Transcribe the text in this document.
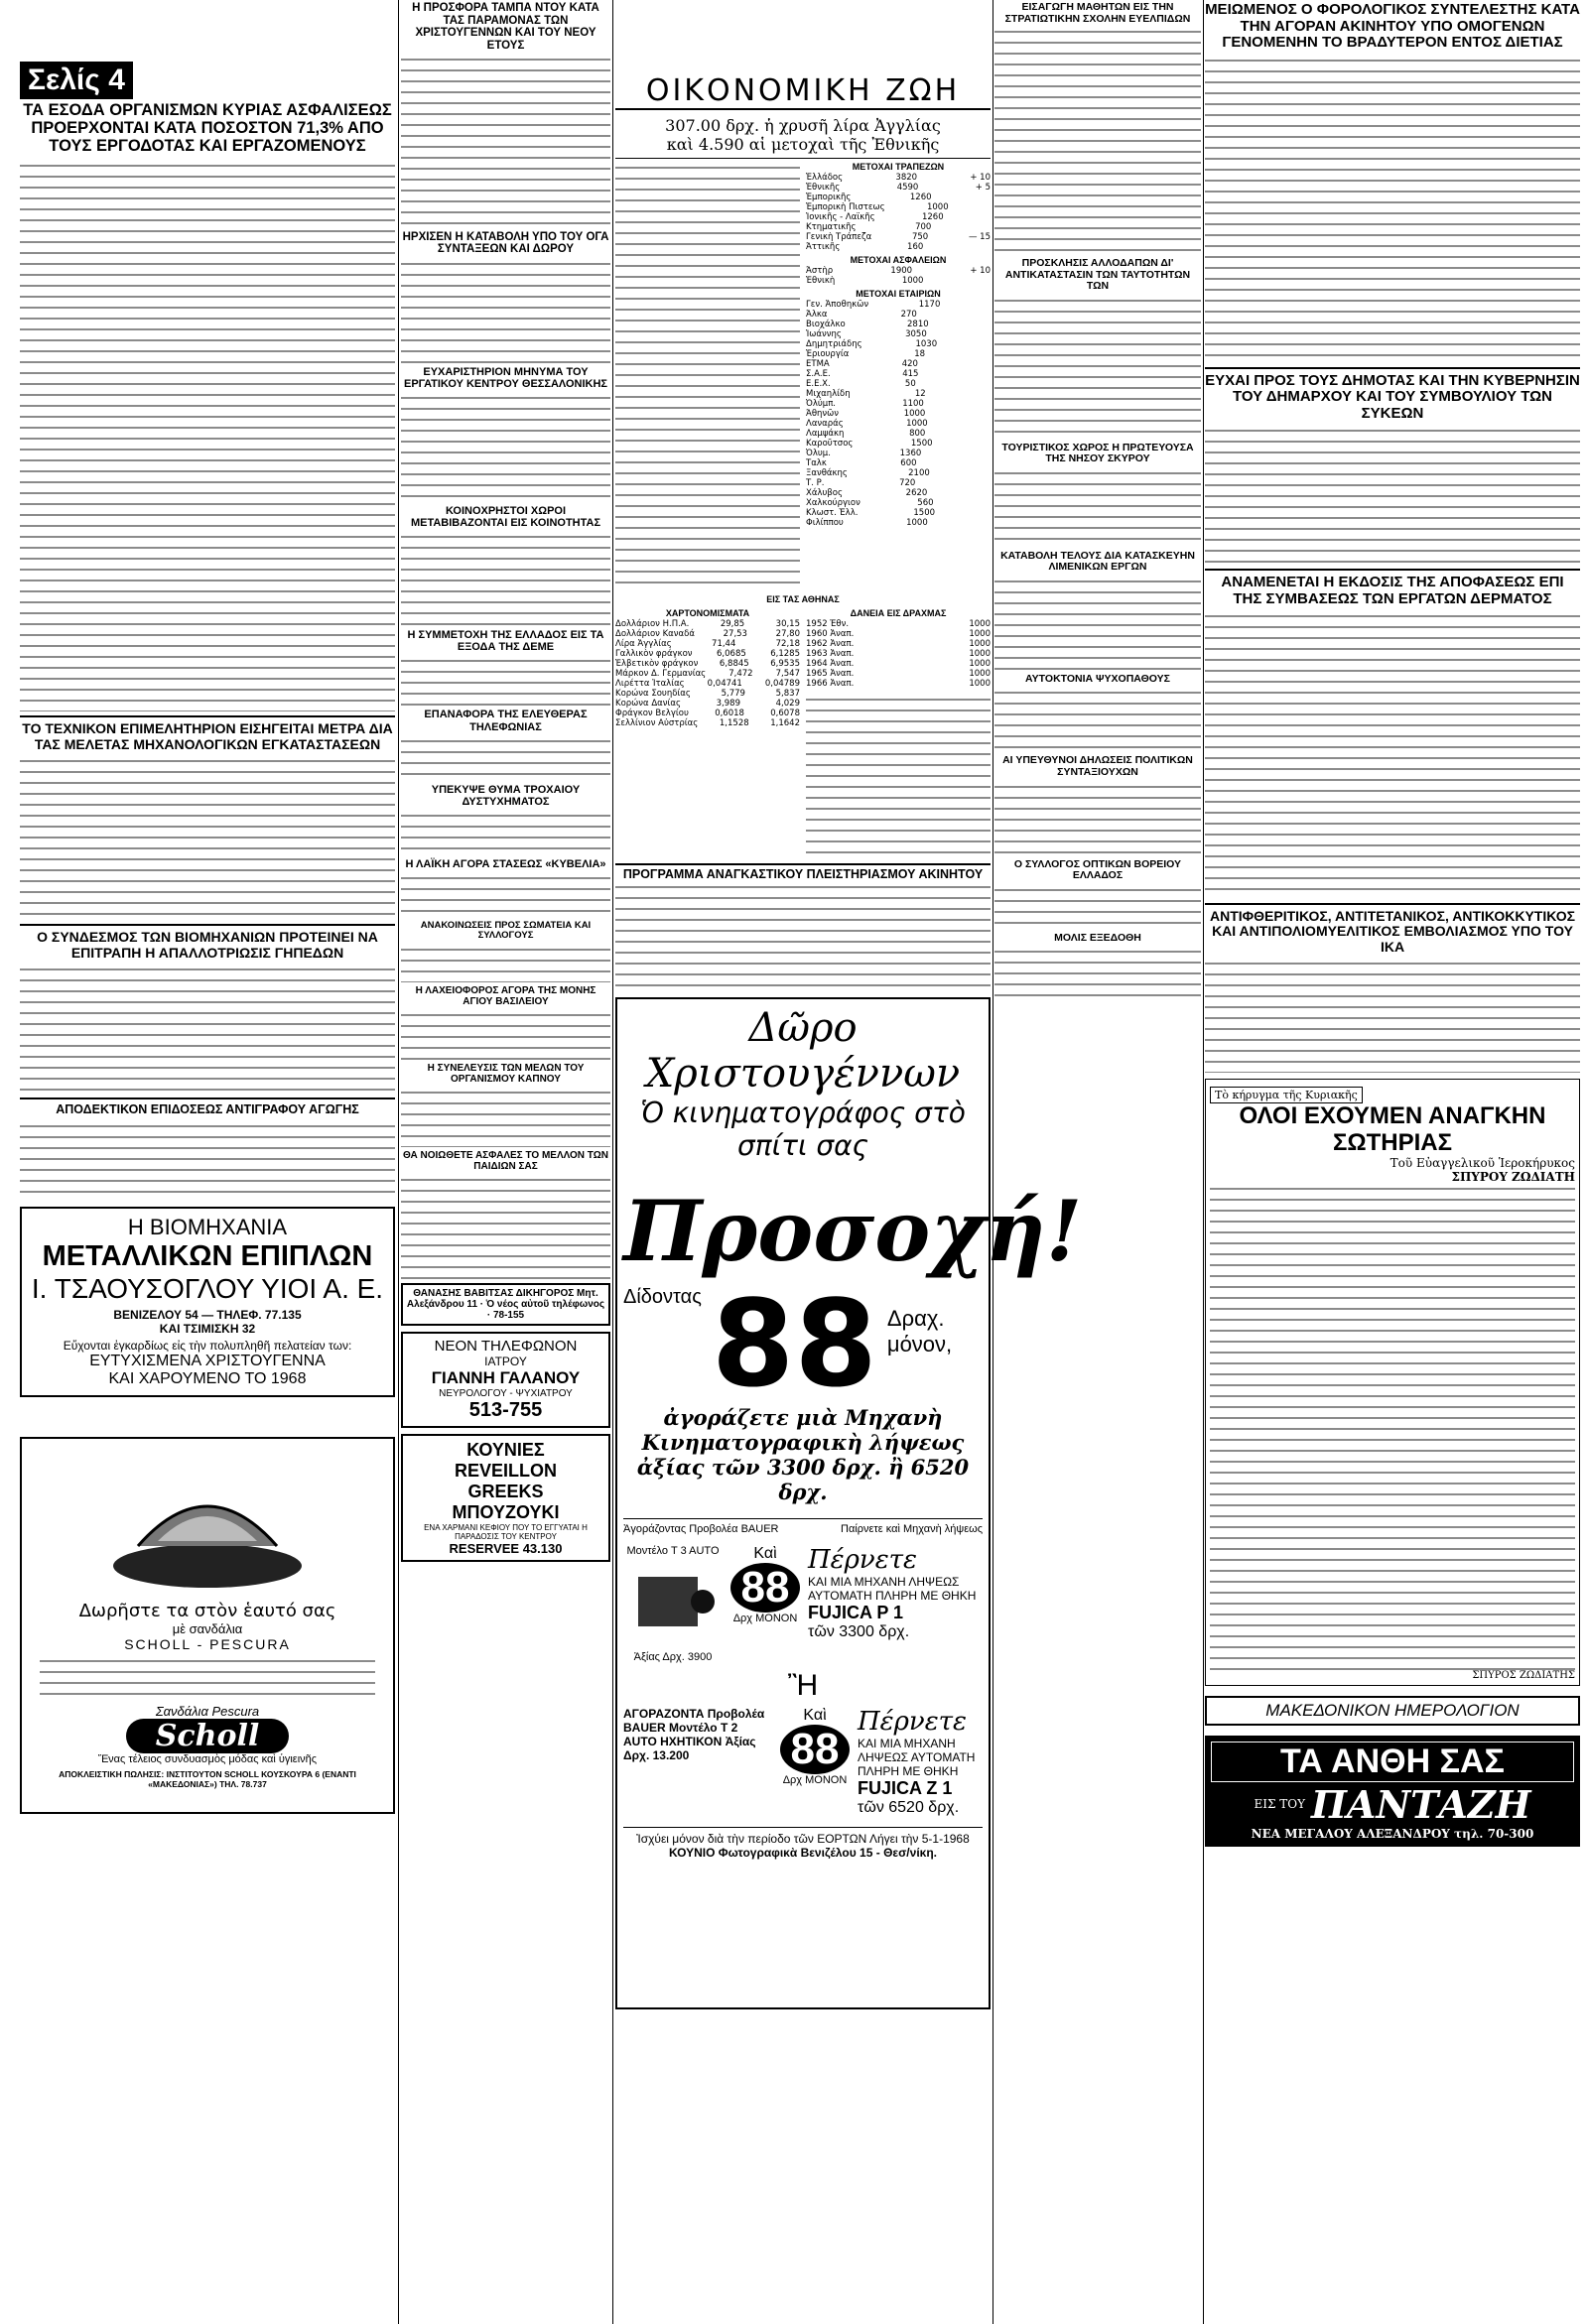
Σελίς 4
ΤΑ ΕΣΟΔΑ ΟΡΓΑΝΙΣΜΩΝ ΚΥΡΙΑΣ ΑΣΦΑΛΙΣΕΩΣ ΠΡΟΕΡΧΟΝΤΑΙ ΚΑΤΑ ΠΟΣΟΣΤΟΝ 71,3% ΑΠΟ ΤΟΥΣ ΕΡΓΟΔΟΤΑΣ ΚΑΙ ΕΡΓΑΖΟΜΕΝΟΥΣ
ΤΟ ΤΕΧΝΙΚΟΝ ΕΠΙΜΕΛΗΤΗΡΙΟΝ ΕΙΣΗΓΕΙΤΑΙ ΜΕΤΡΑ ΔΙΑ ΤΑΣ ΜΕΛΕΤΑΣ ΜΗΧΑΝΟΛΟΓΙΚΩΝ ΕΓΚΑΤΑΣΤΑΣΕΩΝ
Ο ΣΥΝΔΕΣΜΟΣ ΤΩΝ ΒΙΟΜΗΧΑΝΙΩΝ ΠΡΟΤΕΙΝΕΙ ΝΑ ΕΠΙΤΡΑΠΗ Η ΑΠΑΛΛΟΤΡΙΩΣΙΣ ΓΗΠΕΔΩΝ
ΑΠΟΔΕΚΤΙΚΟΝ ΕΠΙΔΟΣΕΩΣ ΑΝΤΙΓΡΑΦΟΥ ΑΓΩΓΗΣ
Η ΒΙΟΜΗΧΑΝΙΑ
ΜΕΤΑΛΛΙΚΩΝ ΕΠΙΠΛΩΝ
Ι. ΤΣΑΟΥΣΟΓΛΟΥ ΥΙΟΙ Α. Ε.
ΒΕΝΙΖΕΛΟΥ 54 — ΤΗΛΕΦ. 77.135
ΚΑΙ ΤΣΙΜΙΣΚΗ 32
Εὔχονται ἐγκαρδίως εἰς τὴν πολυπληθῆ πελατείαν των:
ΕΥΤΥΧΙΣΜΕΝΑ ΧΡΙΣΤΟΥΓΕΝΝΑ
ΚΑΙ ΧΑΡΟΥΜΕΝΟ ΤΟ 1968
Δωρῆστε τα στὸν ἑαυτό σας
μὲ σανδάλια
SCHOLL - PESCURA
Σανδάλια Pescura
Scholl
Ἕνας τέλειος συνδυασμὸς μόδας καὶ ὑγιεινῆς
ΑΠΟΚΛΕΙΣΤΙΚΗ ΠΩΛΗΣΙΣ: ΙΝΣΤΙΤΟΥΤΟΝ SCHOLL ΚΟΥΣΚΟΥΡΑ 6 (ΕΝΑΝΤΙ «ΜΑΚΕΔΟΝΙΑΣ») ΤΗΛ. 78.737
Η ΠΡΟΣΦΟΡΑ ΤΑΜΠΑ ΝΤΟΥ ΚΑΤΑ ΤΑΣ ΠΑΡΑΜΟΝΑΣ ΤΩΝ ΧΡΙΣΤΟΥΓΕΝΝΩΝ ΚΑΙ ΤΟΥ ΝΕΟΥ ΕΤΟΥΣ
ΗΡΧΙΣΕΝ Η ΚΑΤΑΒΟΛΗ ΥΠΟ ΤΟΥ ΟΓΑ ΣΥΝΤΑΞΕΩΝ ΚΑΙ ΔΩΡΟΥ
ΕΥΧΑΡΙΣΤΗΡΙΟΝ ΜΗΝΥΜΑ ΤΟΥ ΕΡΓΑΤΙΚΟΥ ΚΕΝΤΡΟΥ ΘΕΣΣΑΛΟΝΙΚΗΣ
ΚΟΙΝΟΧΡΗΣΤΟΙ ΧΩΡΟΙ ΜΕΤΑΒΙΒΑΖΟΝΤΑΙ ΕΙΣ ΚΟΙΝΟΤΗΤΑΣ
Η ΣΥΜΜΕΤΟΧΗ ΤΗΣ ΕΛΛΑΔΟΣ ΕΙΣ ΤΑ ΕΞΟΔΑ ΤΗΣ ΔΕΜΕ
ΕΠΑΝΑΦΟΡΑ ΤΗΣ ΕΛΕΥΘΕΡΑΣ ΤΗΛΕΦΩΝΙΑΣ
ΥΠΕΚΥΨΕ ΘΥΜΑ ΤΡΟΧΑΙΟΥ ΔΥΣΤΥΧΗΜΑΤΟΣ
Η ΛΑΪΚΗ ΑΓΟΡΑ ΣΤΑΣΕΩΣ «ΚΥΒΕΛΙΑ»
ΑΝΑΚΟΙΝΩΣΕΙΣ ΠΡΟΣ ΣΩΜΑΤΕΙΑ ΚΑΙ ΣΥΛΛΟΓΟΥΣ
Η ΛΑΧΕΙΟΦΟΡΟΣ ΑΓΟΡΑ ΤΗΣ ΜΟΝΗΣ ΑΓΙΟΥ ΒΑΣΙΛΕΙΟΥ
Η ΣΥΝΕΛΕΥΣΙΣ ΤΩΝ ΜΕΛΩΝ ΤΟΥ ΟΡΓΑΝΙΣΜΟΥ ΚΑΠΝΟΥ
ΘΑ ΝΟΙΩΘΕΤΕ ΑΣΦΑΛΕΣ ΤΟ ΜΕΛΛΟΝ ΤΩΝ ΠΑΙΔΙΩΝ ΣΑΣ
ΘΑΝΑΣΗΣ ΒΑΒΙΤΣΑΣ ΔΙΚΗΓΟΡΟΣ Μητ. Αλεξάνδρου 11 · Ὁ νέος αὐτοῦ τηλέφωνος · 78-155
ΝΕΟΝ ΤΗΛΕΦΩΝΟΝ
ΙΑΤΡΟΥ
ΓΙΑΝΝΗ ΓΑΛΑΝΟΥ
ΝΕΥΡΟΛΟΓΟΥ - ΨΥΧΙΑΤΡΟΥ
513-755
ΚΟΥΝΙΕΣ
REVEILLON
GREEKS
ΜΠΟΥΖΟΥΚΙ
ΕΝΑ ΧΑΡΜΑΝΙ ΚΕΦΙΟΥ ΠΟΥ ΤΟ ΕΓΓΥΑΤΑΙ Η ΠΑΡΑΔΟΣΙΣ ΤΟΥ ΚΕΝΤΡΟΥ
RESERVEE 43.130
ΟΙΚΟΝΟΜΙΚΗ ΖΩΗ
307.00 δρχ. ἡ χρυσῆ λίρα Ἀγγλίας
καὶ 4.590 αἱ μετοχαὶ τῆς Ἐθνικῆς
ΜΕΤΟΧΑΙ ΤΡΑΠΕΖΩΝ
Ἑλλάδος	3820	+ 10
Ἐθνικῆς	4590	+ 5
Ἐμπορικῆς	1260
Ἐμπορικὴ Πιστεως	1000
Ἰονικῆς - Λαϊκῆς	1260
Κτηματικῆς	700
Γενικὴ Τράπεζα	750	— 15
Ἀττικῆς	160
ΜΕΤΟΧΑΙ ΑΣΦΑΛΕΙΩΝ
Ἀστὴρ	1900	+ 10
Ἐθνικὴ	1000
ΜΕΤΟΧΑΙ ΕΤΑΙΡΙΩΝ
Γεν. Ἀποθηκῶν	1170
Ἀλκα	270
Βιοχάλκο	2810
Ἰωάννης	3050
Δημητριάδης	1030
Ἐριουργία	18
ΕΤΜΑ	420
Σ.Α.Ε.	415
Ε.Ε.Χ.	50
Μιχαηλίδη	12
Ὀλύμπ.	1100
Ἀθηνῶν	1000
Λαναράς	1000
Λαμψάκη	800
Καροῦτσος	1500
Ὀλυμ.	1360
Ταλκ	600
Ξανθάκης	2100
Τ. Ρ.	720
Χάλυβος	2620
Χαλκούργιον	560
Κλωστ. Ἑλλ.	1500
Φιλίππου	1000
ΕΙΣ ΤΑΣ ΑΘΗΝΑΣ
ΧΑΡΤΟΝΟΜΙΣΜΑΤΑ
Δολλάριον Η.Π.Α.	29,85	30,15
Δολλάριον Καναδά	27,53	27,80
Λίρα Ἀγγλίας	71,44	72,18
Γαλλικὸν φράγκον	6,0685	6,1285
Ἑλβετικὸν φράγκον	6,8845	6,9535
Μάρκον Δ. Γερμανίας	7,472	7,547
Λιρέττα Ἰταλίας	0,04741	0,04789
Κορώνα Σουηδίας	5,779	5,837
Κορώνα Δανίας	3,989	4,029
Φράγκον Βελγίου	0,6018	0,6078
Σελλίνιον Αὐστρίας	1,1528	1,1642
ΔΑΝΕΙΑ ΕΙΣ ΔΡΑΧΜΑΣ
1952 Ἐθν.	1000
1960 Ἀναπ.	1000
1962 Ἀναπ.	1000
1963 Ἀναπ.	1000
1964 Ἀναπ.	1000
1965 Ἀναπ.	1000
1966 Ἀναπ.	1000
ΠΡΟΓΡΑΜΜΑ ΑΝΑΓΚΑΣΤΙΚΟΥ ΠΛΕΙΣΤΗΡΙΑΣΜΟΥ ΑΚΙΝΗΤΟΥ
Δῶρο Χριστουγέννων
Ὁ κινηματογράφος στὸ σπίτι σας
Προσοχή!
Δίδοντας 88 Δραχ. μόνον,
ἀγοράζετε μιὰ Μηχανὴ Κινηματογραφικὴ λήψεως ἀξίας τῶν 3300 δρχ. ἢ 6520 δρχ.
Ἀγοράζοντας Προβολέα BAUER	Παίρνετε καὶ Μηχανὴ λήψεως
Μοντέλο T 3 AUTO
Ἀξίας Δρχ. 3900
Καὶ
88
Δρχ ΜΟΝΟΝ
Πέρνετε
ΚΑΙ ΜΙΑ ΜΗΧΑΝΗ ΛΗΨΕΩΣ ΑΥΤΟΜΑΤΗ ΠΛΗΡΗ ΜΕ ΘΗΚΗ
FUJICA P 1
τῶν 3300 δρχ.
Ἢ
ΑΓΟΡΑΖΟΝΤΑ Προβολέα BAUER Μοντέλο T 2 AUTO ΗΧΗΤΙΚΟΝ Ἀξίας Δρχ. 13.200
Καὶ
88
Δρχ ΜΟΝΟΝ
Πέρνετε
ΚΑΙ ΜΙΑ ΜΗΧΑΝΗ ΛΗΨΕΩΣ ΑΥΤΟΜΑΤΗ ΠΛΗΡΗ ΜΕ ΘΗΚΗ
FUJICA Z 1
τῶν 6520 δρχ.
Ἰσχύει μόνον διὰ τὴν περίοδο τῶν ΕΟΡΤΩΝ Λήγει τὴν 5-1-1968
ΚΟΥΝΙΟ Φωτογραφικὰ Βενιζέλου 15 - Θεσ/νίκη.
ΕΙΣΑΓΩΓΗ ΜΑΘΗΤΩΝ ΕΙΣ ΤΗΝ ΣΤΡΑΤΙΩΤΙΚΗΝ ΣΧΟΛΗΝ ΕΥΕΛΠΙΔΩΝ
ΠΡΟΣΚΛΗΣΙΣ ΑΛΛΟΔΑΠΩΝ ΔΙ' ΑΝΤΙΚΑΤΑΣΤΑΣΙΝ ΤΩΝ ΤΑΥΤΟΤΗΤΩΝ ΤΩΝ
ΤΟΥΡΙΣΤΙΚΟΣ ΧΩΡΟΣ Η ΠΡΩΤΕΥΟΥΣΑ ΤΗΣ ΝΗΣΟΥ ΣΚΥΡΟΥ
ΚΑΤΑΒΟΛΗ ΤΕΛΟΥΣ ΔΙΑ ΚΑΤΑΣΚΕΥΗΝ ΛΙΜΕΝΙΚΩΝ ΕΡΓΩΝ
ΑΥΤΟΚΤΟΝΙΑ ΨΥΧΟΠΑΘΟΥΣ
ΑΙ ΥΠΕΥΘΥΝΟΙ ΔΗΛΩΣΕΙΣ ΠΟΛΙΤΙΚΩΝ ΣΥΝΤΑΞΙΟΥΧΩΝ
Ο ΣΥΛΛΟΓΟΣ ΟΠΤΙΚΩΝ ΒΟΡΕΙΟΥ ΕΛΛΑΔΟΣ
ΜΟΛΙΣ ΕΞΕΔΟΘΗ
ΜΕΙΩΜΕΝΟΣ Ο ΦΟΡΟΛΟΓΙΚΟΣ ΣΥΝΤΕΛΕΣΤΗΣ ΚΑΤΑ ΤΗΝ ΑΓΟΡΑΝ ΑΚΙΝΗΤΟΥ ΥΠΟ ΟΜΟΓΕΝΩΝ ΓΕΝΟΜΕΝΗΝ ΤΟ ΒΡΑΔΥΤΕΡΟΝ ΕΝΤΟΣ ΔΙΕΤΙΑΣ
ΕΥΧΑΙ ΠΡΟΣ ΤΟΥΣ ΔΗΜΟΤΑΣ ΚΑΙ ΤΗΝ ΚΥΒΕΡΝΗΣΙΝ ΤΟΥ ΔΗΜΑΡΧΟΥ ΚΑΙ ΤΟΥ ΣΥΜΒΟΥΛΙΟΥ ΤΩΝ ΣΥΚΕΩΝ
ΑΝΑΜΕΝΕΤΑΙ Η ΕΚΔΟΣΙΣ ΤΗΣ ΑΠΟΦΑΣΕΩΣ ΕΠΙ ΤΗΣ ΣΥΜΒΑΣΕΩΣ ΤΩΝ ΕΡΓΑΤΩΝ ΔΕΡΜΑΤΟΣ
ΑΝΤΙΦΘΕΡΙΤΙΚΟΣ, ΑΝΤΙΤΕΤΑΝΙΚΟΣ, ΑΝΤΙΚΟΚΚΥΤΙΚΟΣ ΚΑΙ ΑΝΤΙΠΟΛΙΟΜΥΕΛΙΤΙΚΟΣ ΕΜΒΟΛΙΑΣΜΟΣ ΥΠΟ ΤΟΥ ΙΚΑ
Τὸ κήρυγμα τῆς Κυριακῆς
ΟΛΟΙ ΕΧΟΥΜΕΝ ΑΝΑΓΚΗΝ ΣΩΤΗΡΙΑΣ
Τοῦ Εὐαγγελικοῦ Ἱεροκήρυκος
ΣΠΥΡΟΥ ΖΩΔΙΑΤΗ
ΣΠΥΡΟΣ ΖΩΔΙΑΤΗΣ
ΜΑΚΕΔΟΝΙΚΟΝ ΗΜΕΡΟΛΟΓΙΟΝ
ΤΑ ΑΝΘΗ ΣΑΣ
ΕΙΣ ΤΟΥ ΠΑΝΤΑΖΗ
ΝΕΑ ΜΕΓΑΛΟΥ ΑΛΕΞΑΝΔΡΟΥ τηλ. 70-300
